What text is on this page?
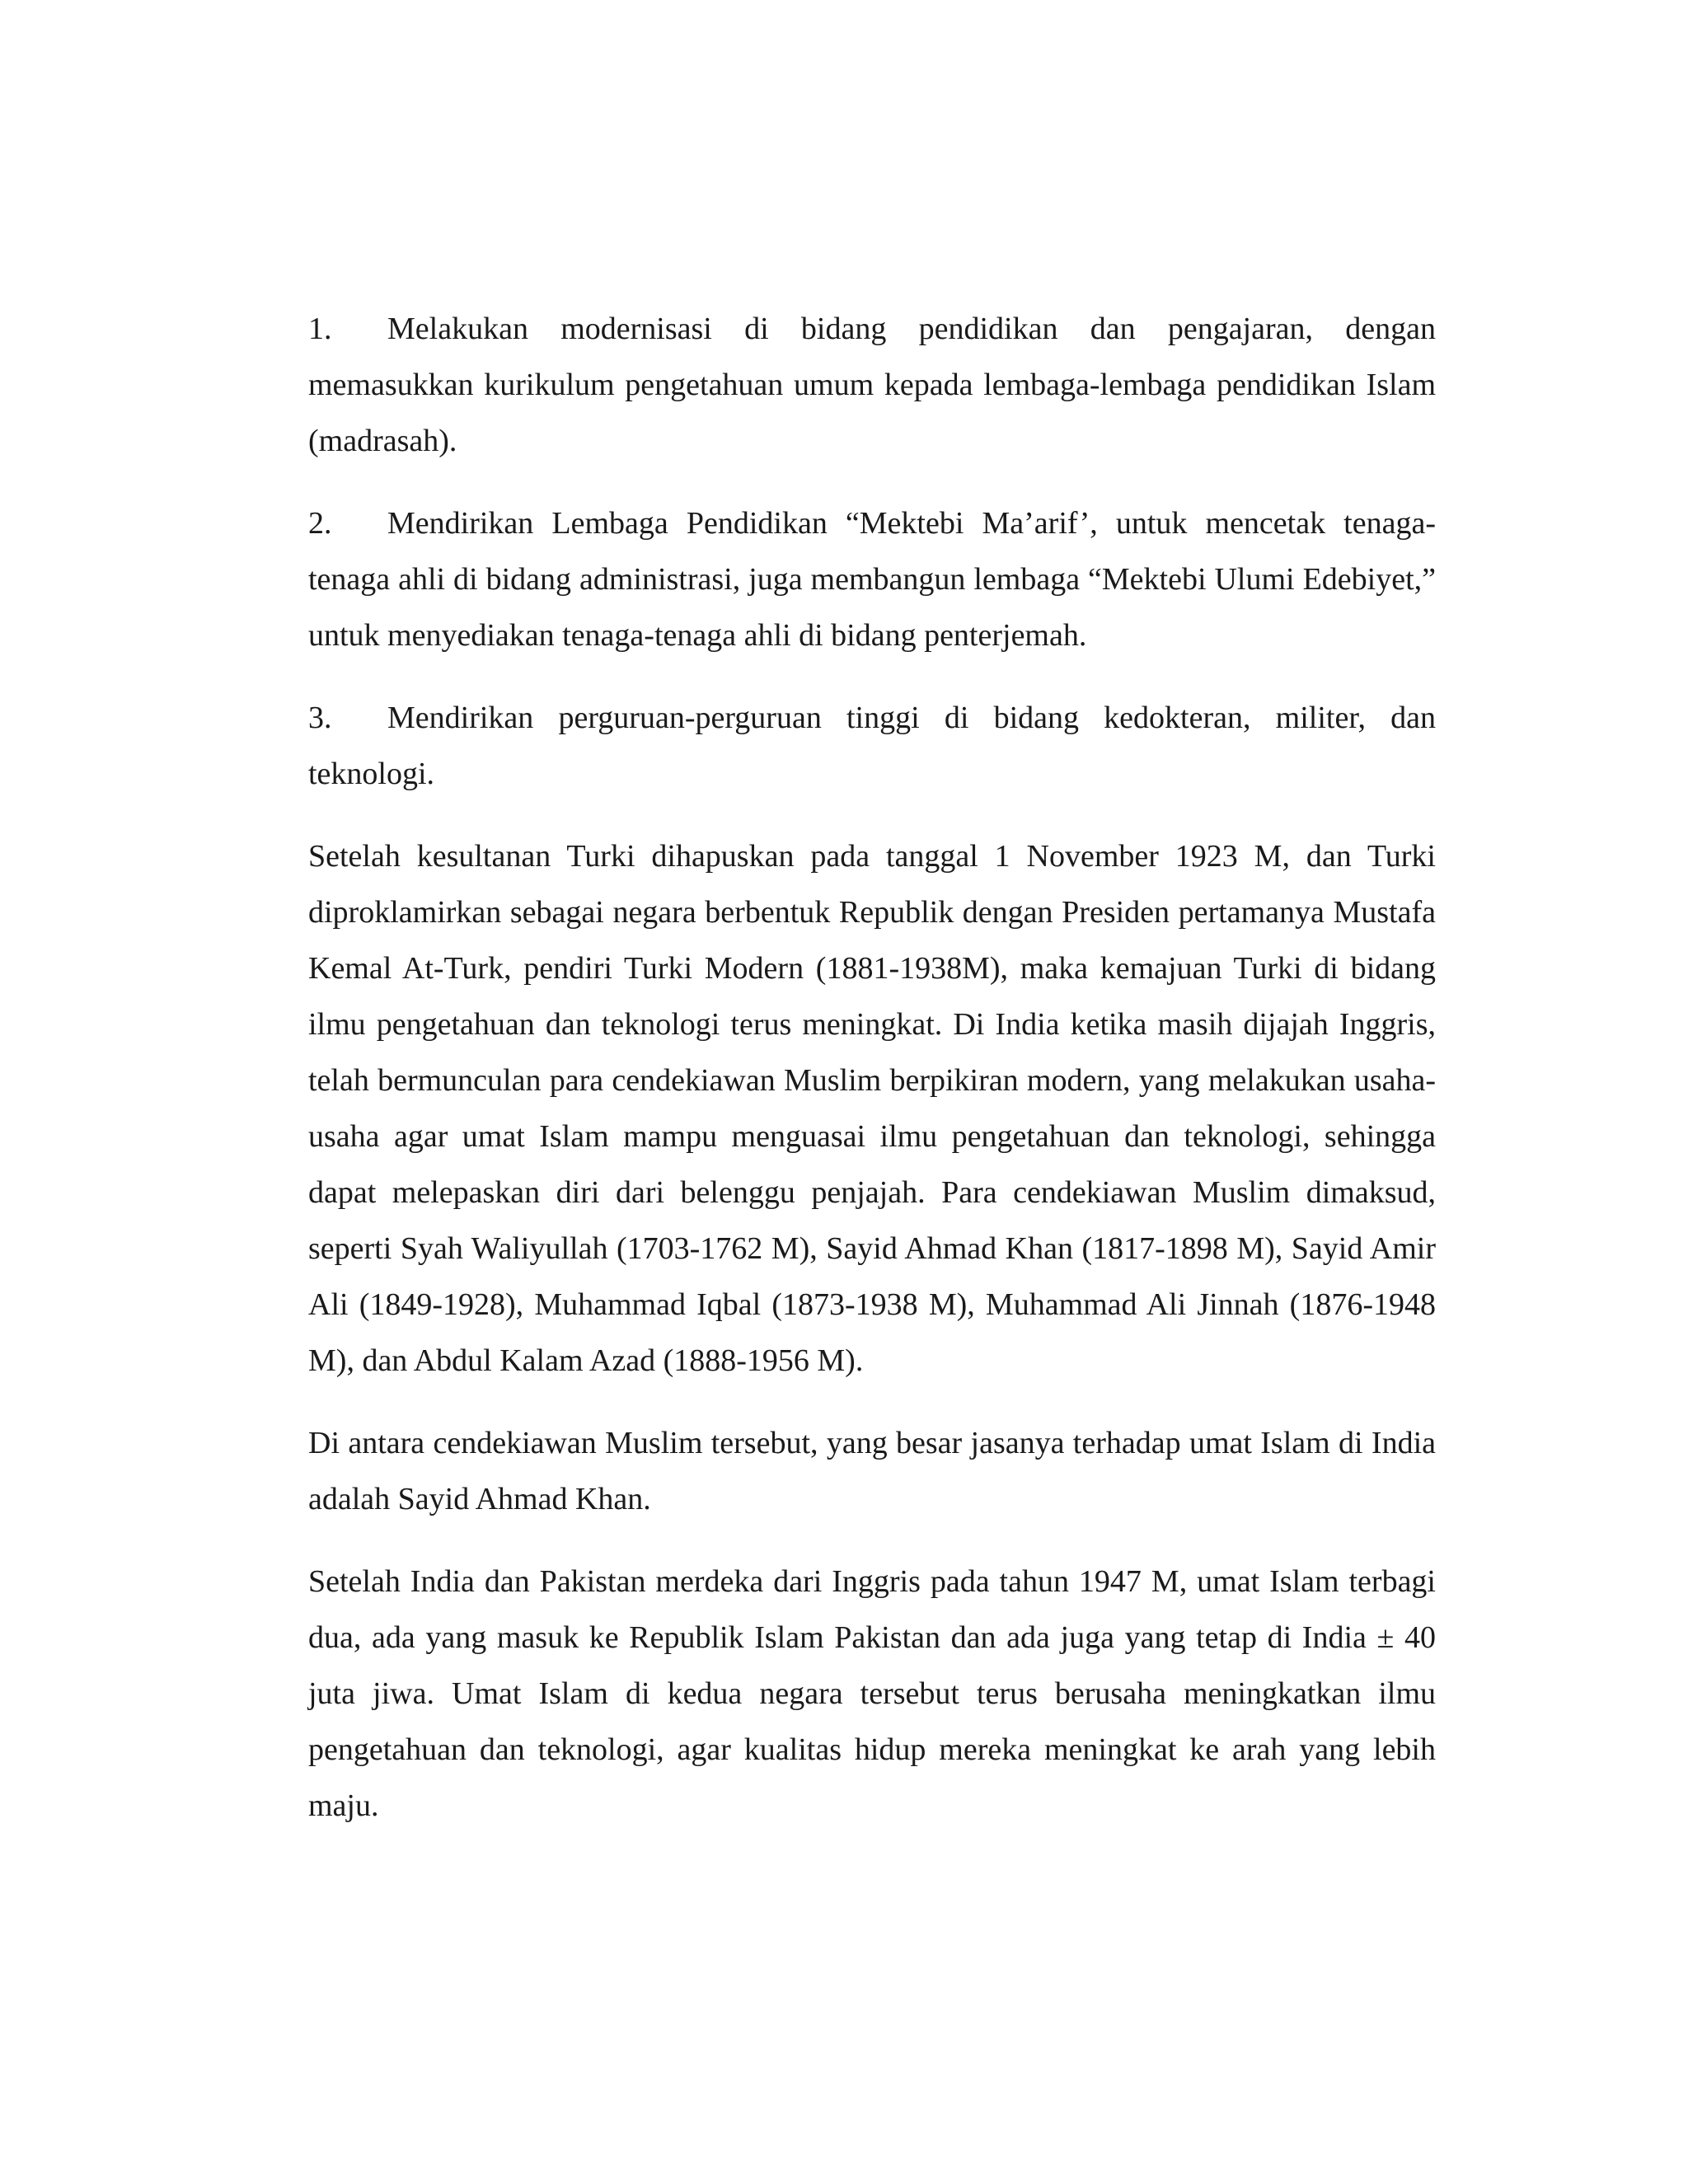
1. Melakukan modernisasi di bidang pendidikan dan pengajaran, dengan memasukkan kurikulum pengetahuan umum kepada lembaga-lembaga pendidikan Islam (madrasah).

2. Mendirikan Lembaga Pendidikan “Mektebi Ma’arif’, untuk mencetak tenaga-tenaga ahli di bidang administrasi, juga membangun lembaga “Mektebi Ulumi Edebiyet,” untuk menyediakan tenaga-tenaga ahli di bidang penterjemah.

3. Mendirikan perguruan-perguruan tinggi di bidang kedokteran, militer, dan teknologi.

Setelah kesultanan Turki dihapuskan pada tanggal 1 November 1923 M, dan Turki diproklamirkan sebagai negara berbentuk Republik dengan Presiden pertamanya Mustafa Kemal At-Turk, pendiri Turki Modern (1881-1938M), maka kemajuan Turki di bidang ilmu pengetahuan dan teknologi terus meningkat. Di India ketika masih dijajah Inggris, telah bermunculan para cendekiawan Muslim berpikiran modern, yang melakukan usaha-usaha agar umat Islam mampu menguasai ilmu pengetahuan dan teknologi, sehingga dapat melepaskan diri dari belenggu penjajah. Para cendekiawan Muslim dimaksud, seperti Syah Waliyullah (1703-1762 M), Sayid Ahmad Khan (1817-1898 M), Sayid Amir Ali (1849-1928), Muhammad Iqbal (1873-1938 M), Muhammad Ali Jinnah (1876-1948 M), dan Abdul Kalam Azad (1888-1956 M).

Di antara cendekiawan Muslim tersebut, yang besar jasanya terhadap umat Islam di India adalah Sayid Ahmad Khan.

Setelah India dan Pakistan merdeka dari Inggris pada tahun 1947 M, umat Islam terbagi dua, ada yang masuk ke Republik Islam Pakistan dan ada juga yang tetap di India ± 40 juta jiwa. Umat Islam di kedua negara tersebut terus berusaha meningkatkan ilmu pengetahuan dan teknologi, agar kualitas hidup mereka meningkat ke arah yang lebih maju.
